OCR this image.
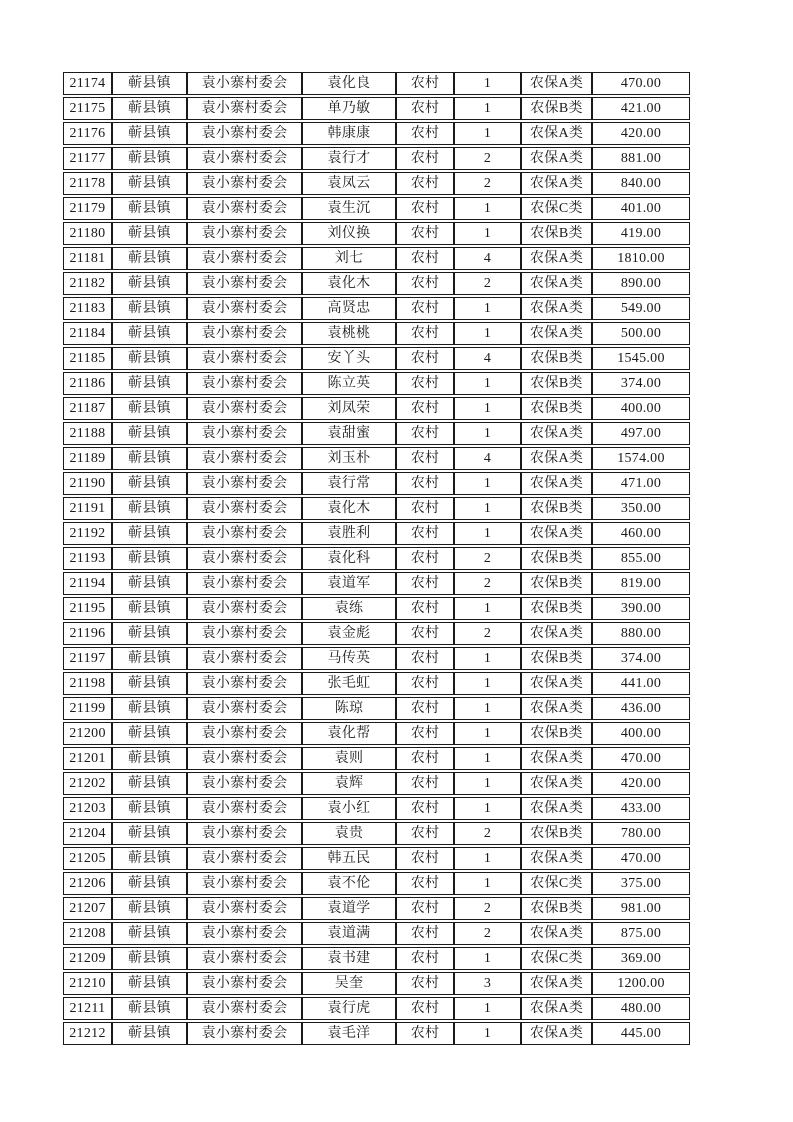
21174	蕲县镇	袁小寨村委会	袁化良	农村	1	农保A类	470.00
21175	蕲县镇	袁小寨村委会	单乃敏	农村	1	农保B类	421.00
21176	蕲县镇	袁小寨村委会	韩康康	农村	1	农保A类	420.00
21177	蕲县镇	袁小寨村委会	袁行才	农村	2	农保A类	881.00
21178	蕲县镇	袁小寨村委会	袁凤云	农村	2	农保A类	840.00
21179	蕲县镇	袁小寨村委会	袁生沉	农村	1	农保C类	401.00
21180	蕲县镇	袁小寨村委会	刘仪换	农村	1	农保B类	419.00
21181	蕲县镇	袁小寨村委会	刘七	农村	4	农保A类	1810.00
21182	蕲县镇	袁小寨村委会	袁化木	农村	2	农保A类	890.00
21183	蕲县镇	袁小寨村委会	高贤忠	农村	1	农保A类	549.00
21184	蕲县镇	袁小寨村委会	袁桃桃	农村	1	农保A类	500.00
21185	蕲县镇	袁小寨村委会	安丫头	农村	4	农保B类	1545.00
21186	蕲县镇	袁小寨村委会	陈立英	农村	1	农保B类	374.00
21187	蕲县镇	袁小寨村委会	刘凤荣	农村	1	农保B类	400.00
21188	蕲县镇	袁小寨村委会	袁甜蜜	农村	1	农保A类	497.00
21189	蕲县镇	袁小寨村委会	刘玉朴	农村	4	农保A类	1574.00
21190	蕲县镇	袁小寨村委会	袁行常	农村	1	农保A类	471.00
21191	蕲县镇	袁小寨村委会	袁化木	农村	1	农保B类	350.00
21192	蕲县镇	袁小寨村委会	袁胜利	农村	1	农保A类	460.00
21193	蕲县镇	袁小寨村委会	袁化科	农村	2	农保B类	855.00
21194	蕲县镇	袁小寨村委会	袁道军	农村	2	农保B类	819.00
21195	蕲县镇	袁小寨村委会	袁练	农村	1	农保B类	390.00
21196	蕲县镇	袁小寨村委会	袁金彪	农村	2	农保A类	880.00
21197	蕲县镇	袁小寨村委会	马传英	农村	1	农保B类	374.00
21198	蕲县镇	袁小寨村委会	张毛虹	农村	1	农保A类	441.00
21199	蕲县镇	袁小寨村委会	陈琼	农村	1	农保A类	436.00
21200	蕲县镇	袁小寨村委会	袁化帮	农村	1	农保B类	400.00
21201	蕲县镇	袁小寨村委会	袁则	农村	1	农保A类	470.00
21202	蕲县镇	袁小寨村委会	袁辉	农村	1	农保A类	420.00
21203	蕲县镇	袁小寨村委会	袁小红	农村	1	农保A类	433.00
21204	蕲县镇	袁小寨村委会	袁贵	农村	2	农保B类	780.00
21205	蕲县镇	袁小寨村委会	韩五民	农村	1	农保A类	470.00
21206	蕲县镇	袁小寨村委会	袁不伦	农村	1	农保C类	375.00
21207	蕲县镇	袁小寨村委会	袁道学	农村	2	农保B类	981.00
21208	蕲县镇	袁小寨村委会	袁道满	农村	2	农保A类	875.00
21209	蕲县镇	袁小寨村委会	袁书建	农村	1	农保C类	369.00
21210	蕲县镇	袁小寨村委会	吴奎	农村	3	农保A类	1200.00
21211	蕲县镇	袁小寨村委会	袁行虎	农村	1	农保A类	480.00
21212	蕲县镇	袁小寨村委会	袁毛洋	农村	1	农保A类	445.00
